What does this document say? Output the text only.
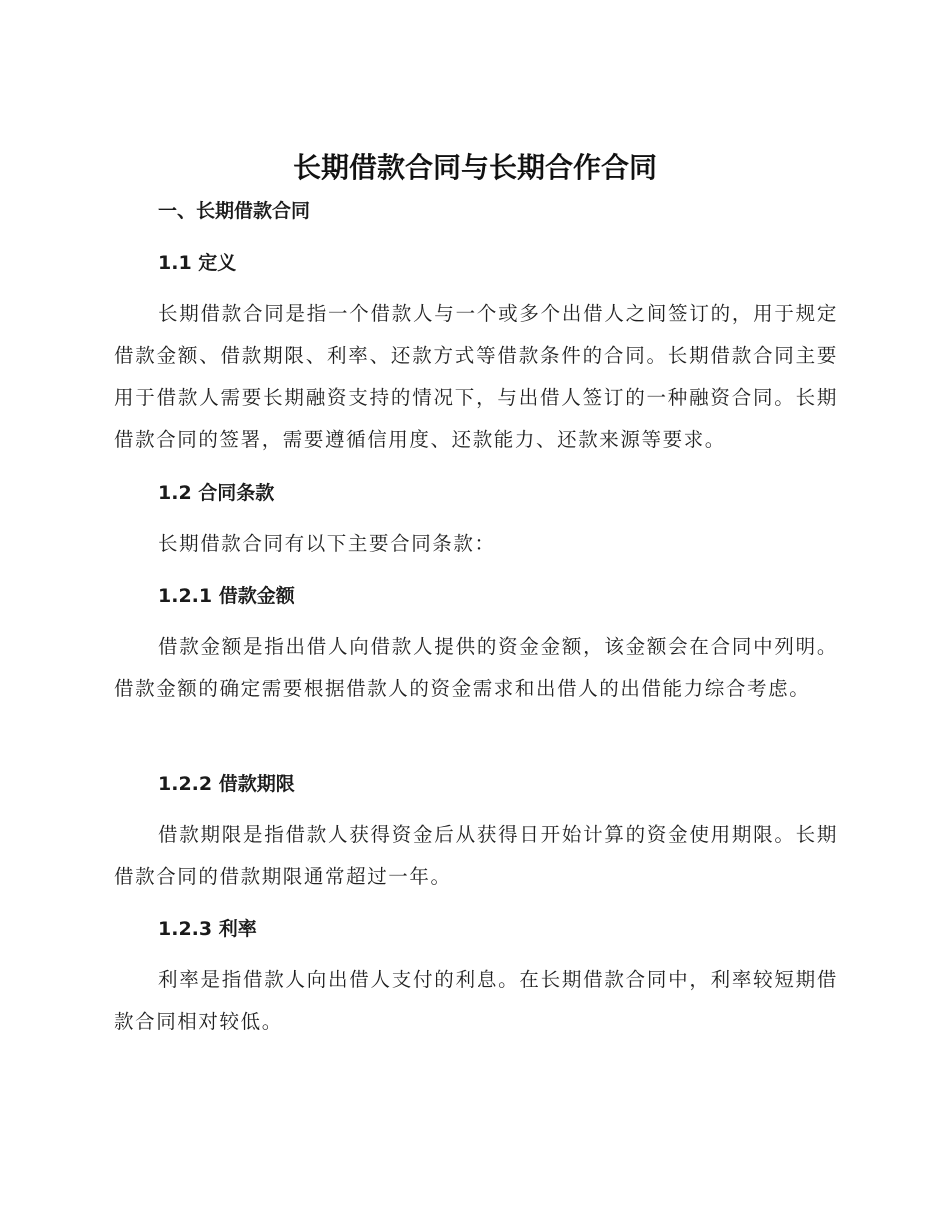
长期借款合同与长期合作合同
一、长期借款合同
1.1 定义

长期借款合同是指一个借款人与一个或多个出借人之间签订的，用于规定借款金额、借款期限、利率、还款方式等借款条件的合同。长期借款合同主要用于借款人需要长期融资支持的情况下，与出借人签订的一种融资合同。长期借款合同的签署，需要遵循信用度、还款能力、还款来源等要求。

1.2 合同条款

长期借款合同有以下主要合同条款：

1.2.1 借款金额

借款金额是指出借人向借款人提供的资金金额，该金额会在合同中列明。借款金额的确定需要根据借款人的资金需求和出借人的出借能力综合考虑。

1.2.2 借款期限

借款期限是指借款人获得资金后从获得日开始计算的资金使用期限。长期借款合同的借款期限通常超过一年。

1.2.3 利率

利率是指借款人向出借人支付的利息。在长期借款合同中，利率较短期借款合同相对较低。
